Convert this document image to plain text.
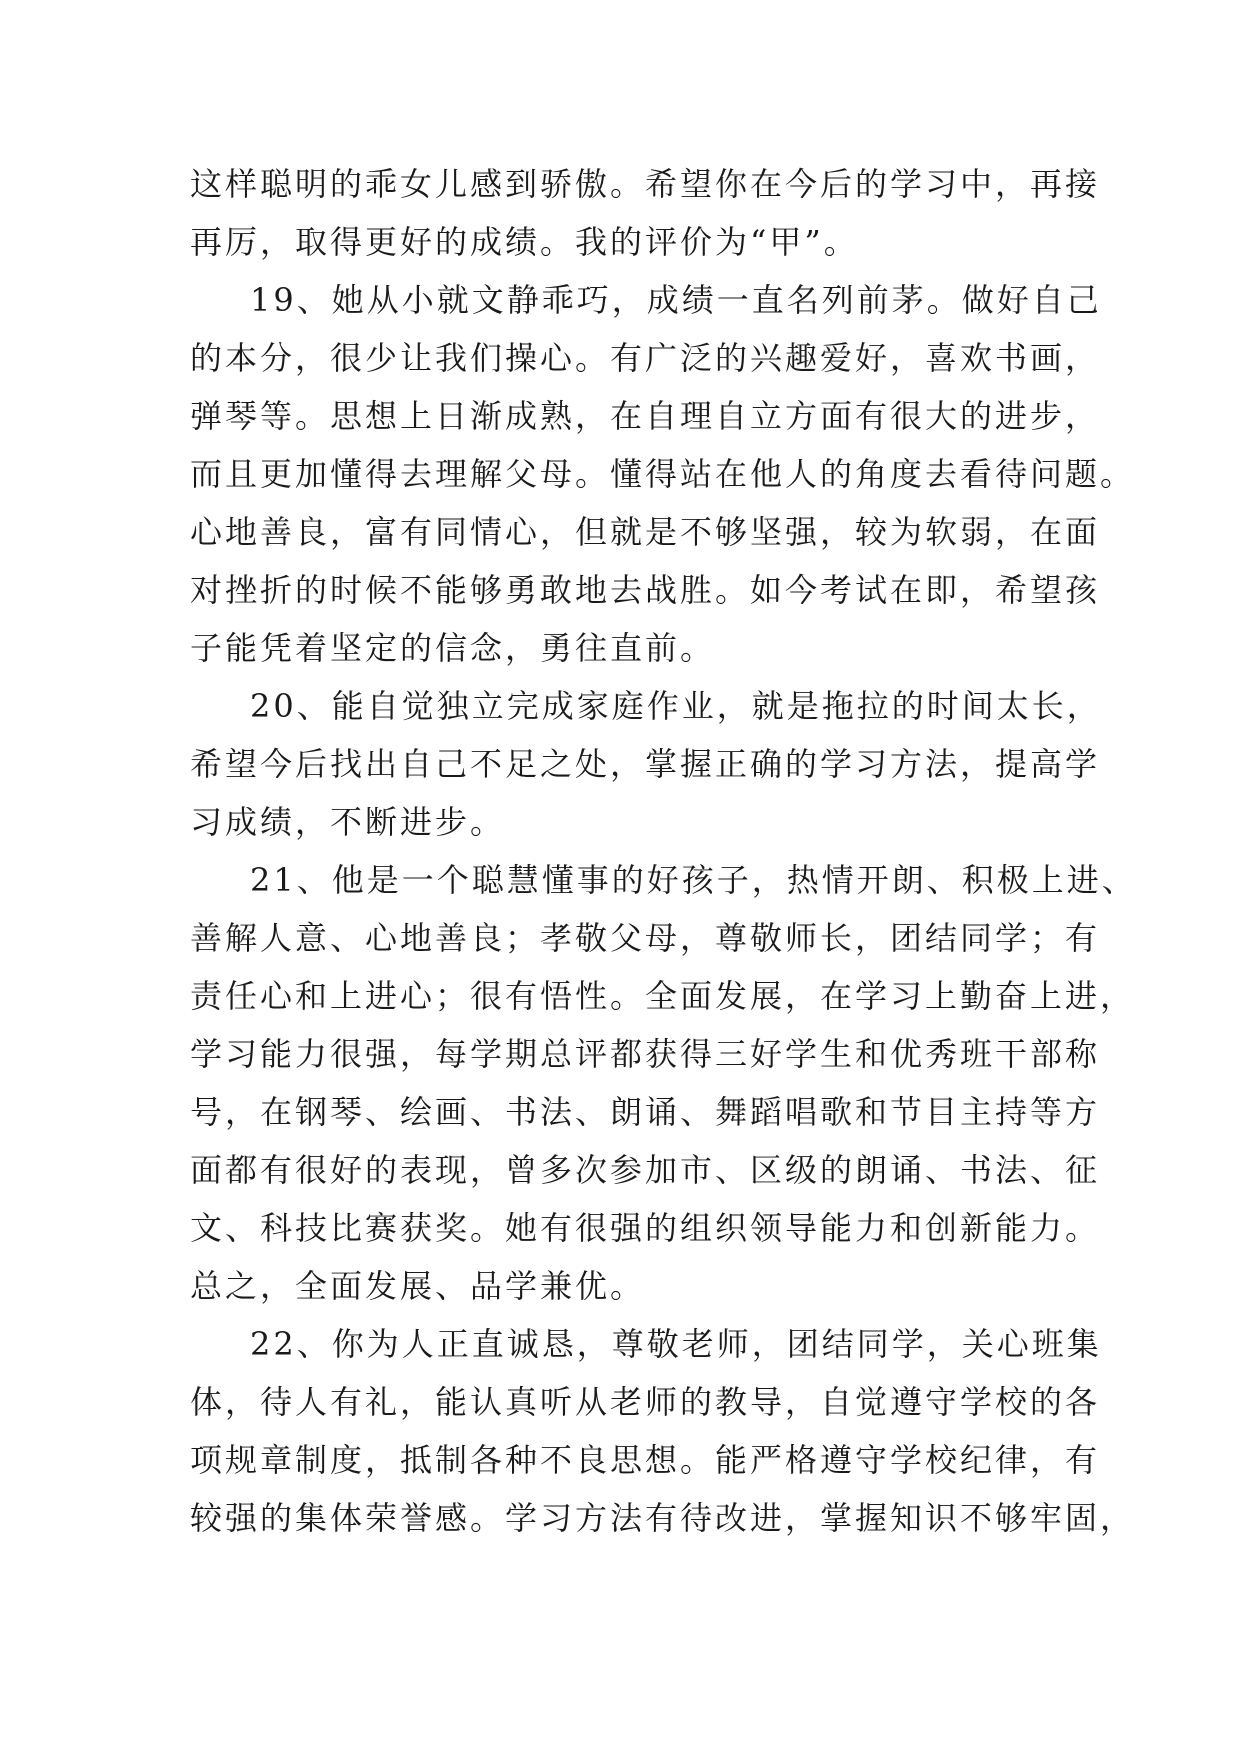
这样聪明的乖女儿感到骄傲。希望你在今后的学习中，再接
再厉，取得更好的成绩。我的评价为“甲”。
19、她从小就文静乖巧，成绩一直名列前茅。做好自己
的本分，很少让我们操心。有广泛的兴趣爱好，喜欢书画，
弹琴等。思想上日渐成熟，在自理自立方面有很大的进步，
而且更加懂得去理解父母。懂得站在他人的角度去看待问题。
心地善良，富有同情心，但就是不够坚强，较为软弱，在面
对挫折的时候不能够勇敢地去战胜。如今考试在即，希望孩
子能凭着坚定的信念，勇往直前。
20、能自觉独立完成家庭作业，就是拖拉的时间太长，
希望今后找出自己不足之处，掌握正确的学习方法，提高学
习成绩，不断进步。
21、他是一个聪慧懂事的好孩子，热情开朗、积极上进、
善解人意、心地善良；孝敬父母，尊敬师长，团结同学；有
责任心和上进心；很有悟性。全面发展，在学习上勤奋上进，
学习能力很强，每学期总评都获得三好学生和优秀班干部称
号，在钢琴、绘画、书法、朗诵、舞蹈唱歌和节目主持等方
面都有很好的表现，曾多次参加市、区级的朗诵、书法、征
文、科技比赛获奖。她有很强的组织领导能力和创新能力。
总之，全面发展、品学兼优。
22、你为人正直诚恳，尊敬老师，团结同学，关心班集
体，待人有礼，能认真听从老师的教导，自觉遵守学校的各
项规章制度，抵制各种不良思想。能严格遵守学校纪律，有
较强的集体荣誉感。学习方法有待改进，掌握知识不够牢固，
